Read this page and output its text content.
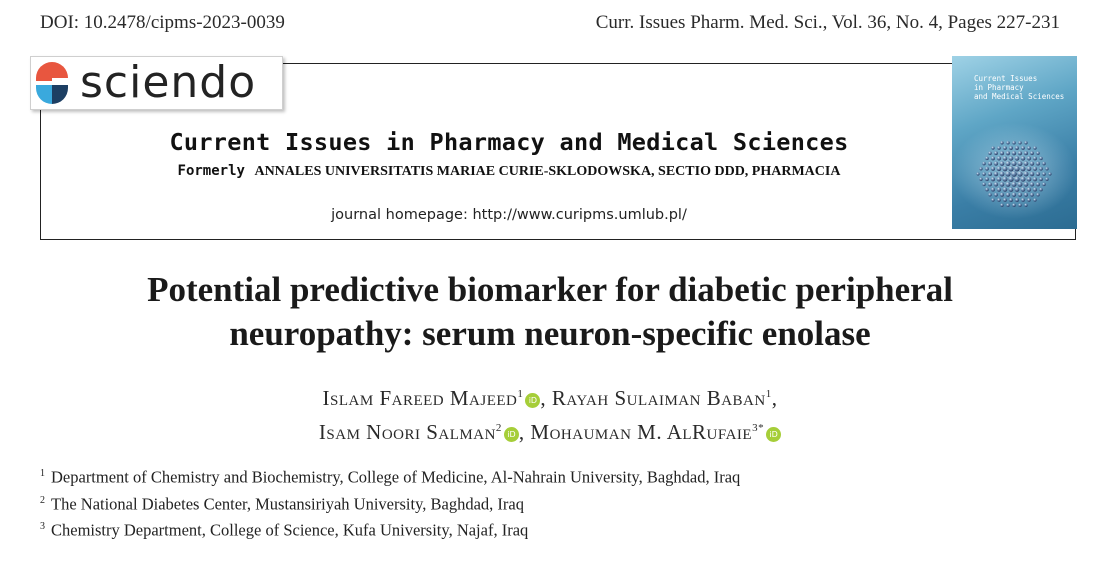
DOI: 10.2478/cipms-2023-0039	Curr. Issues Pharm. Med. Sci., Vol. 36, No. 4, Pages 227-231
sciendo
Current Issues in Pharmacy and Medical Sciences
Formerly ANNALES UNIVERSITATIS MARIAE CURIE-SKLODOWSKA, SECTIO DDD, PHARMACIA
journal homepage: http://www.curipms.umlub.pl/
Current Issues
in Pharmacy
and Medical Sciences
Potential predictive biomarker for diabetic peripheral
neuropathy: serum neuron-specific enolase
Islam Fareed Majeed$^1$iD , Rayah Sulaiman Baban$^1$,
Isam Noori Salman$^2$iD , Mohauman M. AlRufaie$^{3*}$iD
$^1$ Department of Chemistry and Biochemistry, College of Medicine, Al-Nahrain University, Baghdad, Iraq
$^2$ The National Diabetes Center, Mustansiriyah University, Baghdad, Iraq
$^3$ Chemistry Department, College of Science, Kufa University, Najaf, Iraq
